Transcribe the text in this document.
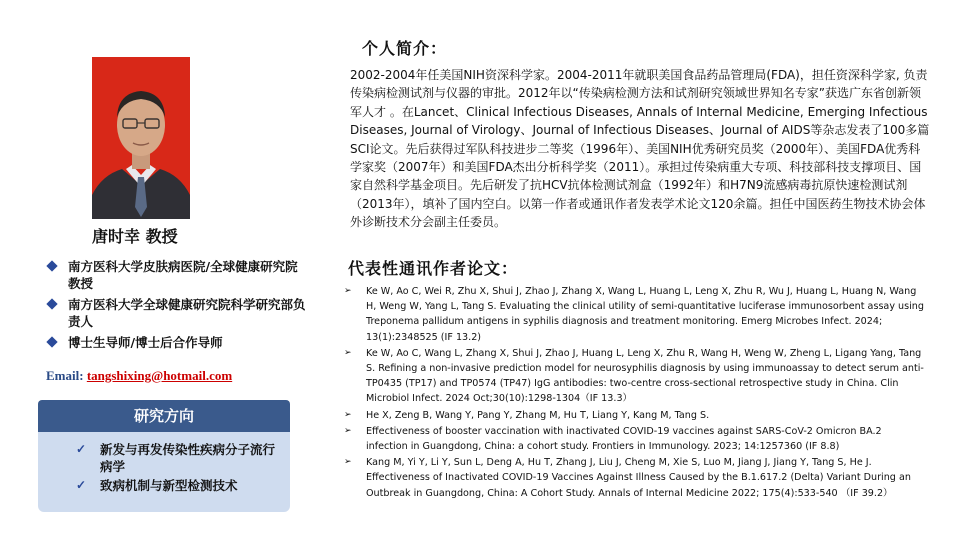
唐时幸 教授
南方医科大学皮肤病医院/全球健康研究院教授
南方医科大学全球健康研究院科学研究部负责人
博士生导师/博士后合作导师
Email: tangshixing@hotmail.com
研究方向
✓ 新发与再发传染性疾病分子流行病学
✓ 致病机制与新型检测技术
个人简介：
2002-2004年任美国NIH资深科学家。2004-2011年就职美国食品药品管理局(FDA)，担任资深科学家, 负责传染病检测试剂与仪器的审批。2012年以“传染病检测方法和试剂研究领域世界知名专家”获选广东省创新领军人才 。在Lancet、Clinical Infectious Diseases, Annals of Internal Medicine, Emerging Infectious Diseases, Journal of Virology、Journal of Infectious Diseases、Journal of AIDS等杂志发表了100多篇SCI论文。先后获得过军队科技进步二等奖（1996年）、美国NIH优秀研究员奖（2000年）、美国FDA优秀科学家奖（2007年）和美国FDA杰出分析科学奖（2011）。承担过传染病重大专项、科技部科技支撑项目、国家自然科学基金项目。先后研发了抗HCV抗体检测试剂盒（1992年）和H7N9流感病毒抗原快速检测试剂（2013年），填补了国内空白。以第一作者或通讯作者发表学术论文120余篇。担任中国医药生物技术协会体外诊断技术分会副主任委员。
代表性通讯作者论文：
➢ Ke W, Ao C, Wei R, Zhu X, Shui J, Zhao J, Zhang X, Wang L, Huang L, Leng X, Zhu R, Wu J, Huang L, Huang N, Wang H, Weng W, Yang L, Tang S. Evaluating the clinical utility of semi-quantitative luciferase immunosorbent assay using Treponema pallidum antigens in syphilis diagnosis and treatment monitoring. Emerg Microbes Infect. 2024; 13(1):2348525 (IF 13.2)
➢ Ke W, Ao C, Wang L, Zhang X, Shui J, Zhao J, Huang L, Leng X, Zhu R, Wang H, Weng W, Zheng L, Ligang Yang, Tang S. Refining a non-invasive prediction model for neurosyphilis diagnosis by using immunoassay to detect serum anti-TP0435 (TP17) and TP0574 (TP47) IgG antibodies: two-centre cross-sectional retrospective study in China. Clin Microbiol Infect. 2024 Oct;30(10):1298-1304（IF 13.3）
➢ He X, Zeng B, Wang Y, Pang Y, Zhang M, Hu T, Liang Y, Kang M, Tang S.
➢ Effectiveness of booster vaccination with inactivated COVID-19 vaccines against SARS-CoV-2 Omicron BA.2 infection in Guangdong, China: a cohort study. Frontiers in Immunology. 2023; 14:1257360 (IF 8.8)
➢ Kang M, Yi Y, Li Y, Sun L, Deng A, Hu T, Zhang J, Liu J, Cheng M, Xie S, Luo M, Jiang J, Jiang Y, Tang S, He J. Effectiveness of Inactivated COVID-19 Vaccines Against Illness Caused by the B.1.617.2 (Delta) Variant During an Outbreak in Guangdong, China: A Cohort Study. Annals of Internal Medicine 2022; 175(4):533-540 （IF 39.2）
